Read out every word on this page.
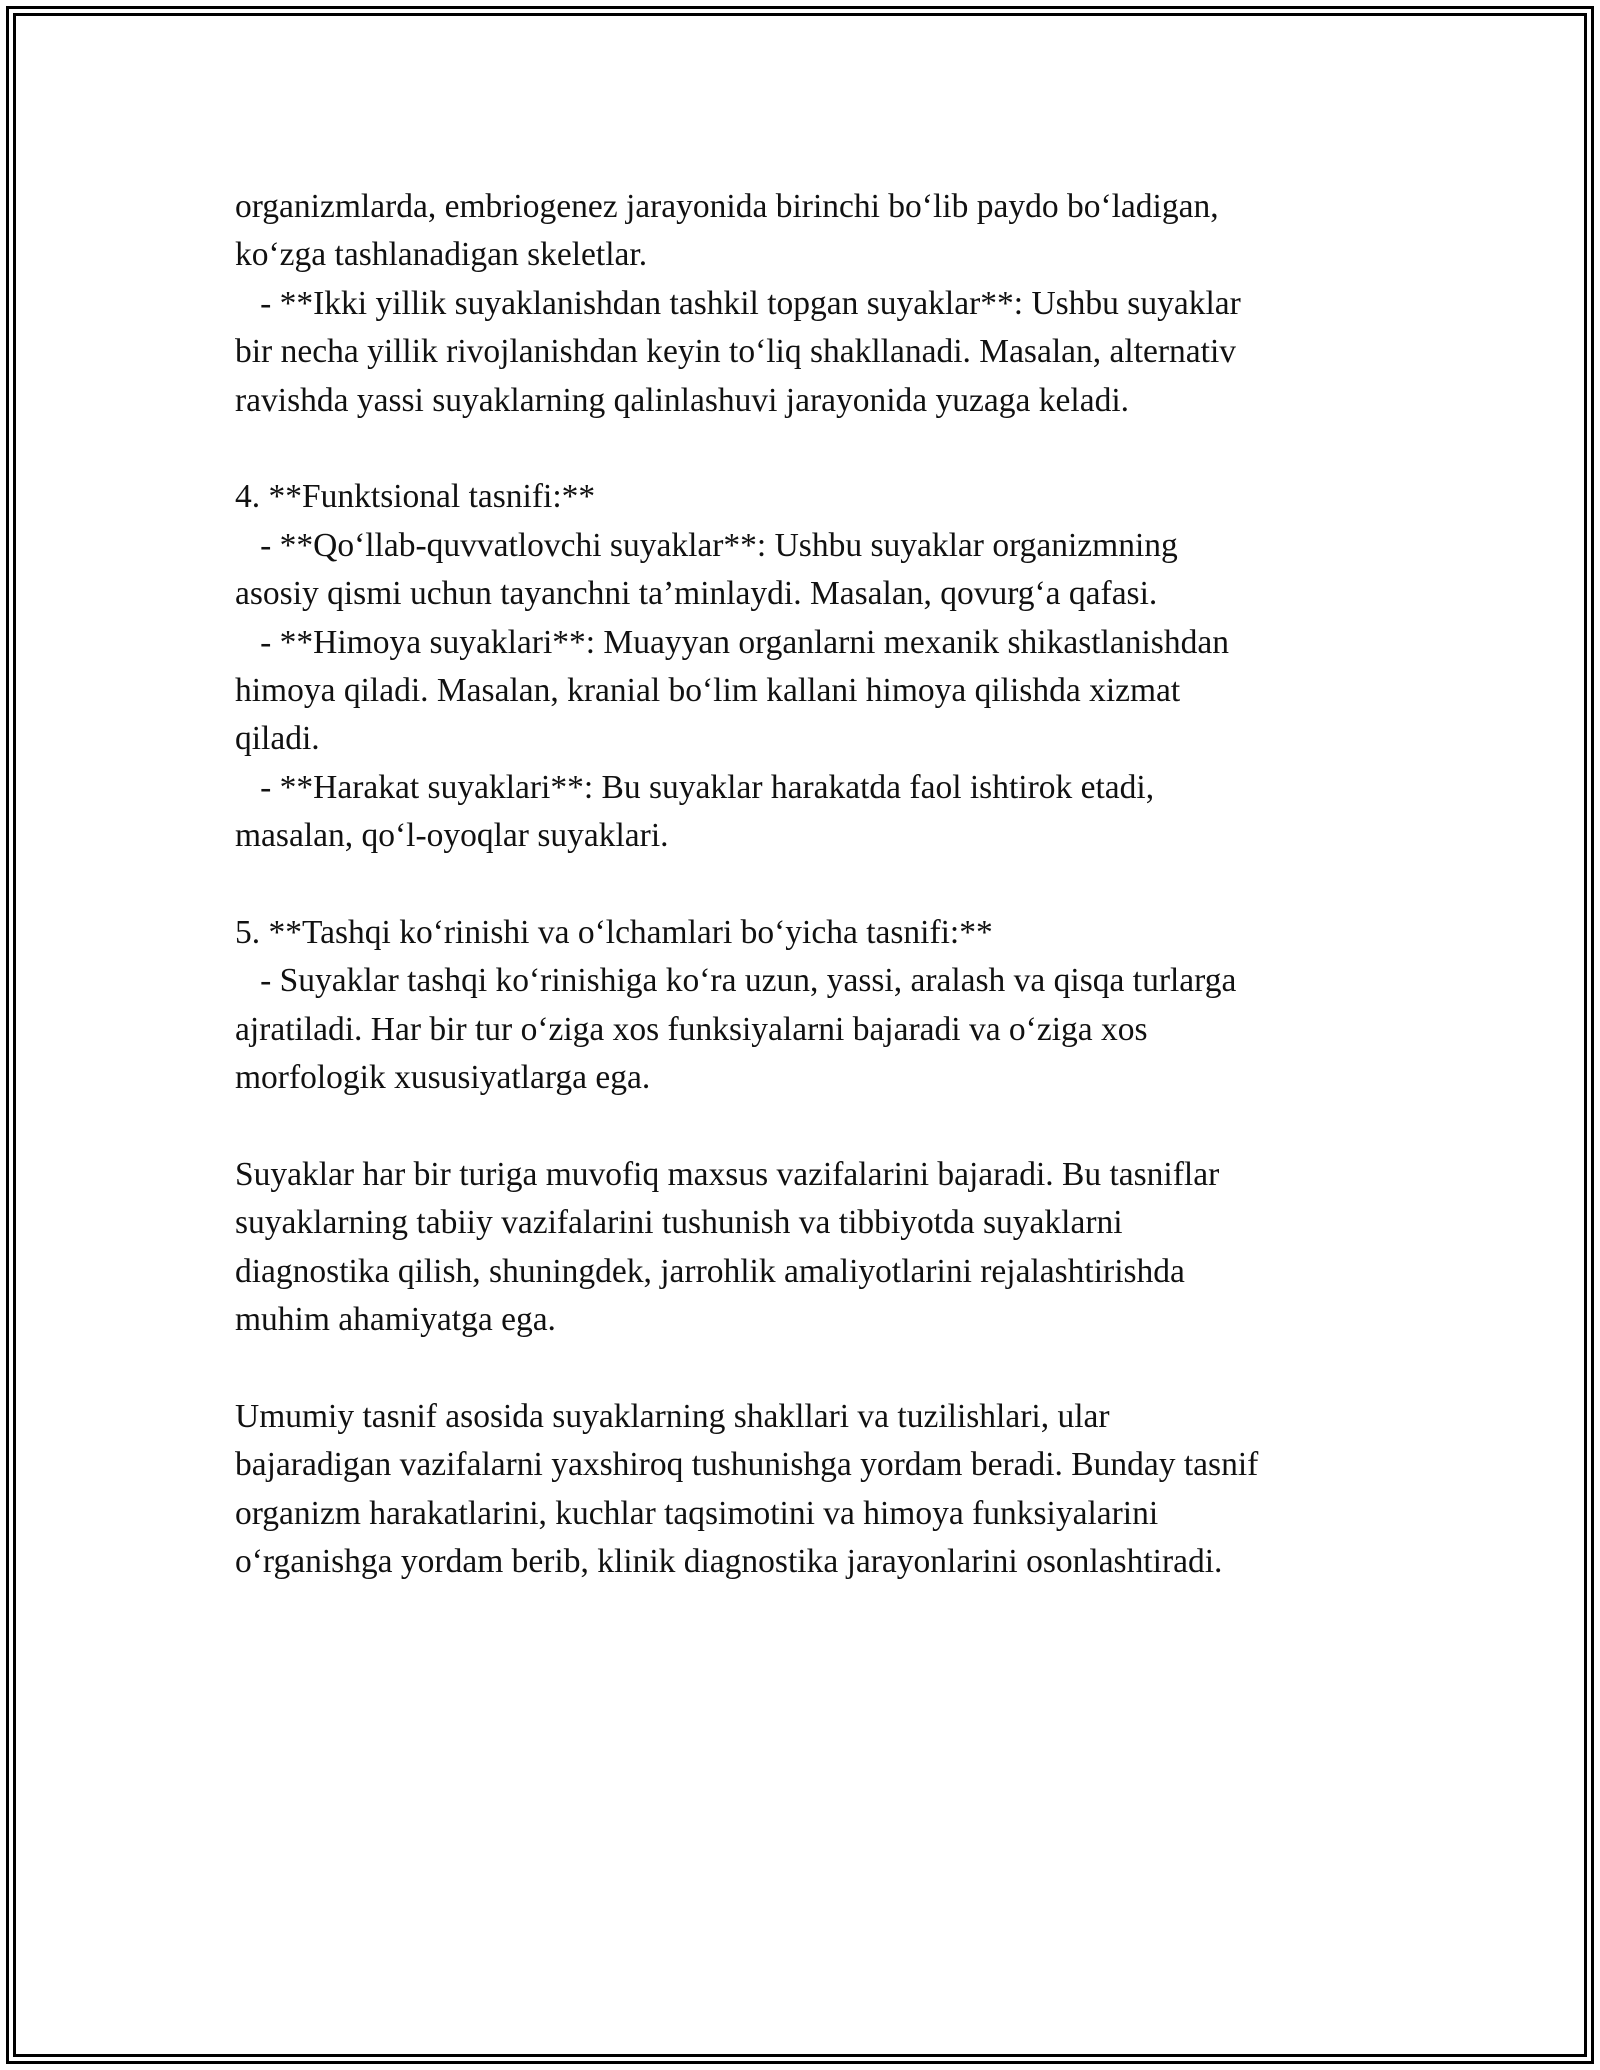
organizmlarda, embriogenez jarayonida birinchi bo‘lib paydo bo‘ladigan,
ko‘zga tashlanadigan skeletlar.
- **Ikki yillik suyaklanishdan tashkil topgan suyaklar**: Ushbu suyaklar
bir necha yillik rivojlanishdan keyin to‘liq shakllanadi. Masalan, alternativ
ravishda yassi suyaklarning qalinlashuvi jarayonida yuzaga keladi.
4. **Funktsional tasnifi:**
- **Qo‘llab-quvvatlovchi suyaklar**: Ushbu suyaklar organizmning
asosiy qismi uchun tayanchni ta’minlaydi. Masalan, qovurg‘a qafasi.
- **Himoya suyaklari**: Muayyan organlarni mexanik shikastlanishdan
himoya qiladi. Masalan, kranial bo‘lim kallani himoya qilishda xizmat
qiladi.
- **Harakat suyaklari**: Bu suyaklar harakatda faol ishtirok etadi,
masalan, qo‘l-oyoqlar suyaklari.
5. **Tashqi ko‘rinishi va o‘lchamlari bo‘yicha tasnifi:**
- Suyaklar tashqi ko‘rinishiga ko‘ra uzun, yassi, aralash va qisqa turlarga
ajratiladi. Har bir tur o‘ziga xos funksiyalarni bajaradi va o‘ziga xos
morfologik xususiyatlarga ega.
Suyaklar har bir turiga muvofiq maxsus vazifalarini bajaradi. Bu tasniflar
suyaklarning tabiiy vazifalarini tushunish va tibbiyotda suyaklarni
diagnostika qilish, shuningdek, jarrohlik amaliyotlarini rejalashtirishda
muhim ahamiyatga ega.
Umumiy tasnif asosida suyaklarning shakllari va tuzilishlari, ular
bajaradigan vazifalarni yaxshiroq tushunishga yordam beradi. Bunday tasnif
organizm harakatlarini, kuchlar taqsimotini va himoya funksiyalarini
o‘rganishga yordam berib, klinik diagnostika jarayonlarini osonlashtiradi.
